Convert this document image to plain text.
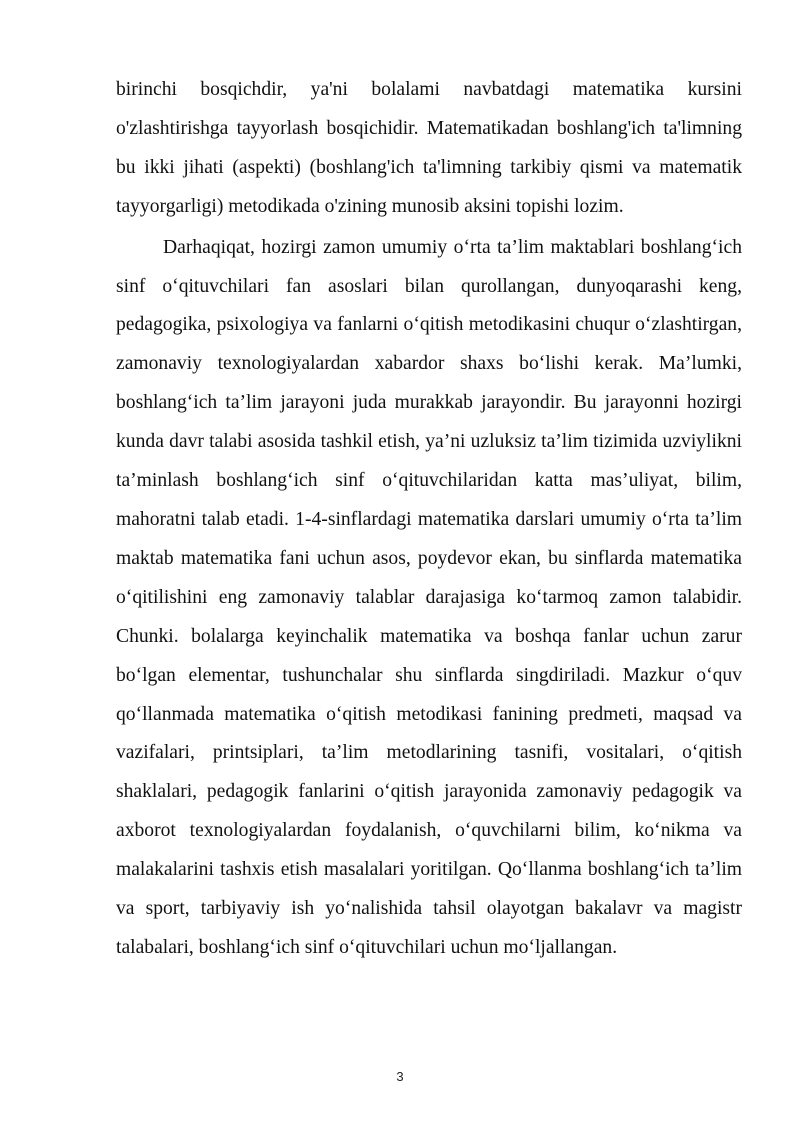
birinchi bosqichdir, ya'ni bolalami navbatdagi matematika kursini o'zlashtirishga tayyorlash bosqichidir. Matematikadan boshlang'ich ta'limning bu ikki jihati (aspekti) (boshlang'ich ta'limning tarkibiy qismi va matematik tayyorgarligi) metodikada o'zining munosib aksini topishi lozim.

Darhaqiqat, hozirgi zamon umumiy o‘rta ta’lim maktablari boshlang‘ich sinf o‘qituvchilari fan asoslari bilan qurollangan, dunyoqarashi keng, pedagogika, psixologiya va fanlarni o‘qitish metodikasini chuqur o‘zlashtirgan, zamonaviy texnologiyalardan xabardor shaxs bo‘lishi kerak. Ma’lumki, boshlang‘ich ta’lim jarayoni juda murakkab jarayondir. Bu jarayonni hozirgi kunda davr talabi asosida tashkil etish, ya’ni uzluksiz ta’lim tizimida uzviylikni ta’minlash boshlang‘ich sinf o‘qituvchilaridan katta mas’uliyat, bilim, mahoratni talab etadi. 1-4-sinflardagi matematika darslari umumiy o‘rta ta’lim maktab matematika fani uchun asos, poydevor ekan, bu sinflarda matematika o‘qitilishini eng zamonaviy talablar darajasiga ko‘tarmoq zamon talabidir. Chunki. bolalarga keyinchalik matematika va boshqa fanlar uchun zarur bo‘lgan elementar, tushunchalar shu sinflarda singdiriladi. Mazkur o‘quv qo‘llanmada matematika o‘qitish metodikasi fanining predmeti, maqsad va vazifalari, printsiplari, ta’lim metodlarining tasnifi, vositalari, o‘qitish shaklalari, pedagogik fanlarini o‘qitish jarayonida zamonaviy pedagogik va axborot texnologiyalardan foydalanish, o‘quvchilarni bilim, ko‘nikma va malakalarini tashxis etish masalalari yoritilgan. Qo‘llanma boshlang‘ich ta’lim va sport, tarbiyaviy ish yo‘nalishida tahsil olayotgan bakalavr va magistr talabalari, boshlang‘ich sinf o‘qituvchilari uchun mo‘ljallangan.

3
